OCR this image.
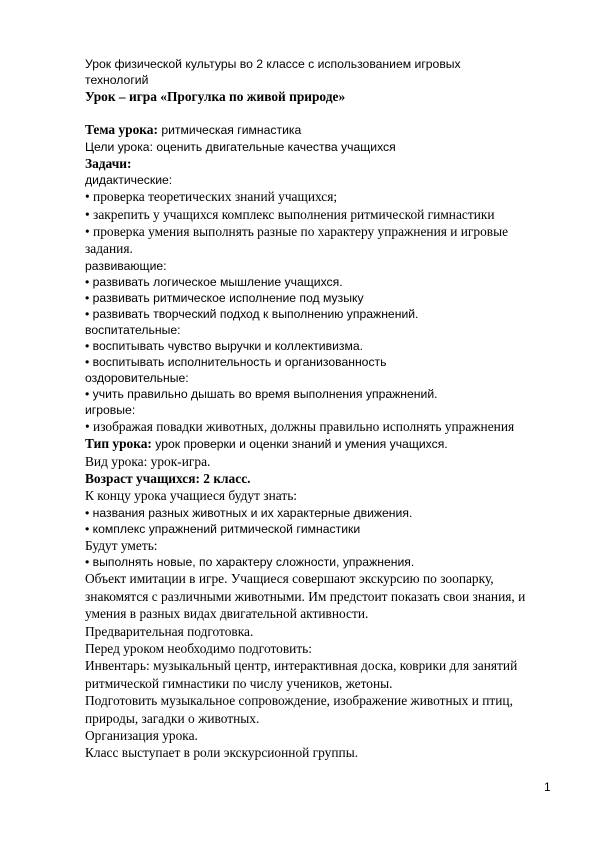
Урок физической культуры во 2 классе с использованием игровых
технологий
Урок – игра «Прогулка по живой природе»
Тема урока: ритмическая гимнастика
Цели урока: оценить двигательные качества учащихся
Задачи:
дидактические:
• проверка теоретических знаний учащихся;
• закрепить у учащихся комплекс выполнения ритмической гимнастики
• проверка умения выполнять разные по характеру упражнения и игровые задания.
развивающие:
• развивать логическое мышление учащихся.
• развивать ритмическое исполнение под музыку
• развивать творческий подход к выполнению упражнений.
воспитательные:
• воспитывать чувство выручки и коллективизма.
• воспитывать исполнительность и организованность
оздоровительные:
• учить правильно дышать во время выполнения упражнений.
игровые:
• изображая повадки животных, должны правильно исполнять упражнения
Тип урока: урок проверки и оценки знаний и умения учащихся.
Вид урока: урок-игра.
Возраст учащихся: 2 класс.
К концу урока учащиеся будут знать:
• названия разных животных и их характерные движения.
• комплекс упражнений ритмической гимнастики
Будут уметь:
• выполнять новые, по характеру сложности, упражнения.
Объект имитации в игре. Учащиеся совершают экскурсию по зоопарку, знакомятся с различными животными. Им предстоит показать свои знания, и умения в разных видах двигательной активности.
Предварительная подготовка.
Перед уроком необходимо подготовить:
Инвентарь: музыкальный центр, интерактивная доска, коврики для занятий ритмической гимнастики по числу учеников, жетоны.
Подготовить музыкальное сопровождение, изображение животных и птиц, природы, загадки о животных.
Организация урока.
Класс выступает в роли экскурсионной группы.
1
